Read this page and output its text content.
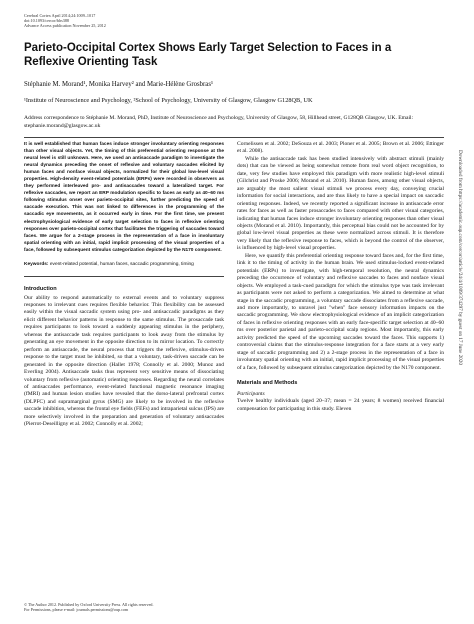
Cerebral Cortex April 2014;24:1009–1017
doi:10.1093/cercor/bhs388
Advance Access publication November 25, 2012
Parieto-Occipital Cortex Shows Early Target Selection to Faces in a Reflexive Orienting Task
Stéphanie M. Morand¹, Monika Harvey² and Marie-Hélène Grosbras¹
¹Institute of Neuroscience and Psychology, ²School of Psychology, University of Glasgow, Glasgow G128QB, UK
Address correspondence to Stéphanie M. Morand, PhD, Institute of Neuroscience and Psychology, University of Glasgow, 58, Hillhead street, G128QB Glasgow, UK. Email: stephanie.morand@glasgow.ac.uk

It is well established that human faces induce stronger involuntary orienting responses than other visual objects. Yet, the timing of this preferential orienting response at the neural level is still unknown. Here, we used an antisaccade paradigm to investigate the neural dynamics preceding the onset of reflexive and voluntary saccades elicited by human faces and nonface visual objects, normalized for their global low-level visual properties. High-density event-related potentials (ERPs) were recorded in observers as they performed interleaved pro- and antisaccades toward a lateralized target. For reflexive saccades, we report an ERP modulation specific to faces as early as 40–60 ms following stimulus onset over parieto-occipital sites, further predicting the speed of saccade execution. This was not linked to differences in the programming of the saccadic eye movements, as it occurred early in time. For the first time, we present electrophysiological evidence of early target selection to faces in reflexive orienting responses over parieto-occipital cortex that facilitates the triggering of saccades toward faces. We argue for a 2-stage process in the representation of a face in involuntary spatial orienting with an initial, rapid implicit processing of the visual properties of a face, followed by subsequent stimulus categorization depicted by the N170 component.

Keywords: event-related potential, human faces, saccadic programming, timing
Introduction

Our ability to respond automatically to external events and to voluntary suppress responses to irrelevant cues requires flexible behavior. This flexibility can be assessed easily within the visual saccadic system using pro- and antisaccadic paradigms as they elicit different behavior patterns in response to the same stimulus. The prosaccade task requires participants to look toward a suddenly appearing stimulus in the periphery, whereas the antisaccade task requires participants to look away from the stimulus by generating an eye movement in the opposite direction to its mirror location. To correctly perform an antisaccade, the neural process that triggers the reflexive, stimulus-driven response to the target must be inhibited, so that a voluntary, task-driven saccade can be generated in the opposite direction (Hallet 1978; Connolly et al. 2000; Munoz and Everling 2004). Antisaccade tasks thus represent very sensitive means of dissociating voluntary from reflexive (automatic) orienting responses. Regarding the neural correlates of antisaccades performance, event-related functional magnetic resonance imaging (fMRI) and human lesion studies have revealed that the dorso-lateral prefrontal cortex (DLPFC) and supramarginal gyrus (SMG) are likely to be involved in the reflexive saccade inhibition, whereas the frontal eye fields (FEFs) and intraparietal sulcus (IPS) are more selectively involved in the preparation and generation of voluntary antisaccades (Pierrot-Deseilligny et al. 2002; Connolly et al. 2002;

Cornelissen et al. 2002; DeSouza et al. 2003; Ploner et al. 2005; Brown et al. 2006; Ettinger et al. 2008).

While the antisaccade task has been studied intensively with abstract stimuli (mainly dots) that can be viewed as being somewhat remote from real word object recognition, to date, very few studies have employed this paradigm with more realistic high-level stimuli (Gilchrist and Proske 2006; Morand et al. 2010). Human faces, among other visual objects, are arguably the most salient visual stimuli we process every day, conveying crucial information for social interactions, and are thus likely to have a special impact on saccadic orienting responses. Indeed, we recently reported a significant increase in antisaccade error rates for faces as well as faster prosaccades to faces compared with other visual categories, indicating that human faces induce stronger involuntary orienting responses than other visual objects (Morand et al. 2010). Importantly, this perceptual bias could not be accounted for by global low-level visual properties as these were normalized across stimuli. It is therefore very likely that the reflexive response to faces, which is beyond the control of the observer, is influenced by high-level visual properties.

Here, we quantify this preferential orienting response toward faces and, for the first time, link it to the timing of activity in the human brain. We used stimulus-locked event-related potentials (ERPs) to investigate, with high-temporal resolution, the neural dynamics preceding the occurrence of voluntary and reflexive saccades to faces and nonface visual objects. We employed a task-cued paradigm for which the stimulus type was task irrelevant as participants were not asked to perform a categorization. We aimed to determine at what stage in the saccadic programming, a voluntary saccade dissociates from a reflexive saccade, and more importantly, to unravel just "when" face sensory information impacts on the saccadic programming. We show electrophysiological evidence of an implicit categorization of faces in reflexive orienting responses with an early face-specific target selection at 40–60 ms over posterior parietal and parieto-occipital scalp regions. Most importantly, this early activity predicted the speed of the upcoming saccades toward the faces. This supports 1) controversial claims that the stimulus-response integration for a face starts at a very early stage of saccadic programming and 2) a 2-stage process in the representation of a face in involuntary spatial orienting with an initial, rapid implicit processing of the visual properties of a face, followed by subsequent stimulus categorization depicted by the N170 component.

Materials and Methods
Participants

Twelve healthy individuals (aged 20–37; mean = 24 years; 8 women) received financial compensation for participating in this study. Eleven

© The Author 2012. Published by Oxford University Press. All rights reserved.
For Permissions, please e-mail: journals.permissions@oup.com
Downloaded from https://academic.oup.com/cercor/article/24/4/1009/374297 by guest on 17 June 2020
